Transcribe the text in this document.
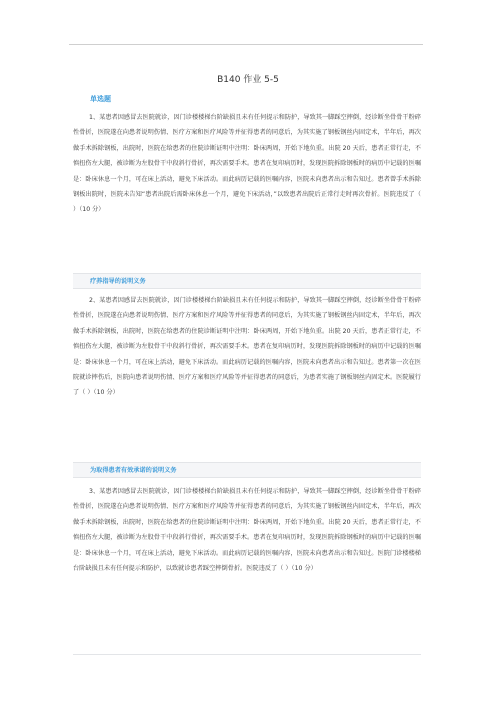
B140 作业 5-5
单选题
1、某患者因感冒去医院就诊，因门诊楼楼梯台阶缺损且未有任何提示和防护，导致其一脚踩空摔倒，经诊断坐骨骨干粉碎性骨折，医院遂在向患者说明伤情、医疗方案和医疗风险等并征得患者的同意后，为其实施了钢板钢丝内固定术，半年后，再次做手术拆除钢板，出院时，医院在给患者的住院诊断证明中注明：卧床两周，开始下地负重。出院 20 天后，患者正常行走，不慎扭伤左大腿，被诊断为左股骨干中段斜行骨折，再次需要手术。患者在复印病历时，发现医院拆除钢板时的病历中记载的医嘱是：卧床休息一个月，可在床上活动，避免下床活动。而此病历记载的医嘱内容，医院未向患者出示和告知过。患者曾手术拆除钢板出院时，医院未告知“患者出院后需卧床休息一个月，避免下床活动，”以致患者出院后正常行走时再次骨折。医院违反了（ ）（10 分）
疗养指导的说明义务
2、某患者因感冒去医院就诊，因门诊楼楼梯台阶缺损且未有任何提示和防护，导致其一脚踩空摔倒，经诊断坐骨骨干粉碎性骨折，医院遂在向患者说明伤情、医疗方案和医疗风险等并征得患者的同意后，为其实施了钢板钢丝内固定术，半年后，再次做手术拆除钢板，出院时，医院在给患者的住院诊断证明中注明：卧床两周，开始下地负重。出院 20 天后，患者正常行走，不慎扭伤左大腿，被诊断为左股骨干中段斜行骨折，再次需要手术。患者在复印病历时，发现医院拆除钢板时的病历中记载的医嘱是：卧床休息一个月，可在床上活动，避免下床活动。而此病历记载的医嘱内容，医院未向患者出示和告知过。患者第一次在医院就诊摔伤后，医院向患者说明伤情、医疗方案和医疗风险等并征得患者的同意后，为患者实施了钢板钢丝内固定术。医院履行了（ ）（10 分）
为取得患者有效承诺的说明义务
3、某患者因感冒去医院就诊，因门诊楼楼梯台阶缺损且未有任何提示和防护，导致其一脚踩空摔倒，经诊断坐骨骨干粉碎性骨折，医院遂在向患者说明伤情、医疗方案和医疗风险等并征得患者的同意后，为其实施了钢板钢丝内固定术，半年后，再次做手术拆除钢板，出院时，医院在给患者的住院诊断证明中注明：卧床两周，开始下地负重。出院 20 天后，患者正常行走，不慎扭伤左大腿，被诊断为左股骨干中段斜行骨折，再次需要手术。患者在复印病历时，发现医院拆除钢板时的病历中记载的医嘱是：卧床休息一个月，可在床上活动，避免下床活动。而此病历记载的医嘱内容，医院未向患者出示和告知过。医院门诊楼楼梯台阶缺损且未有任何提示和防护，以致就诊患者踩空摔倒骨折。医院违反了（ ）（10 分）
